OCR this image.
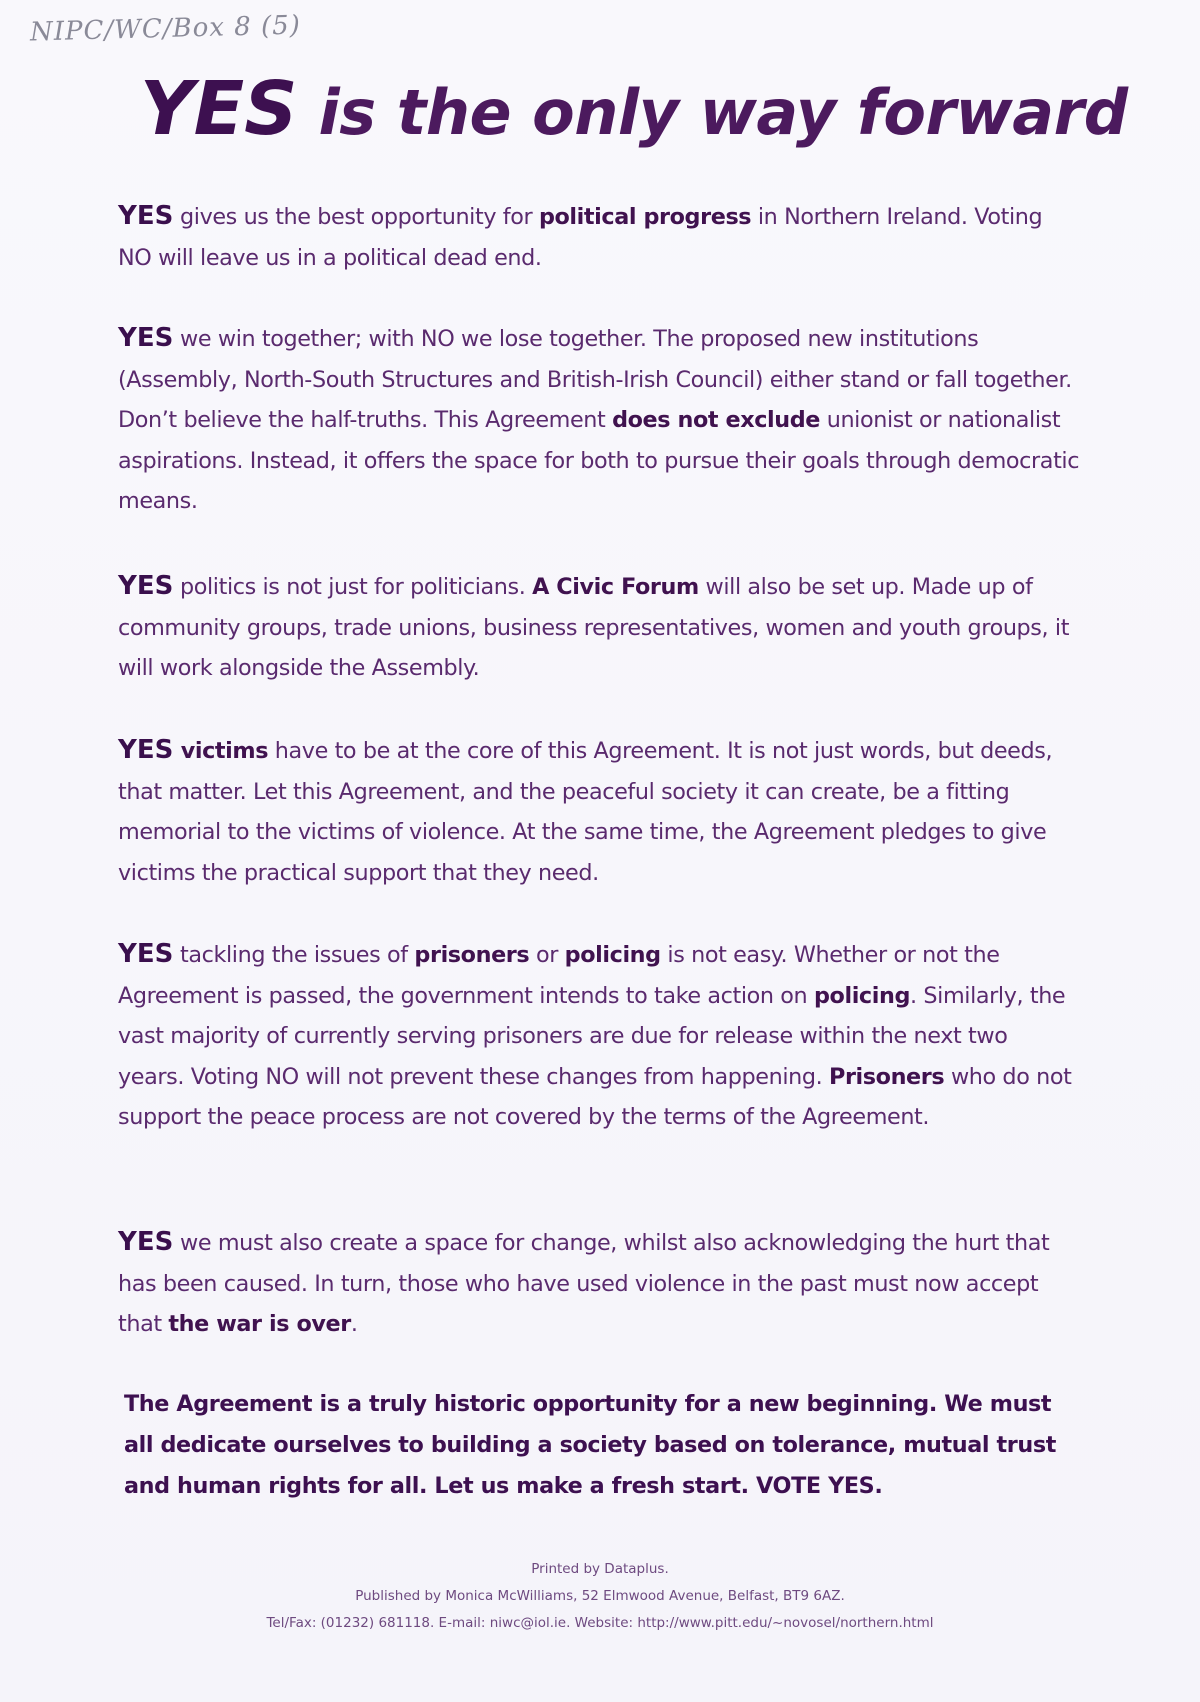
NIPC/WC/Box 8 (5)
YES is the only way forward
YES gives us the best opportunity for political progress in Northern Ireland. Voting NO will leave us in a political dead end.
YES we win together; with NO we lose together. The proposed new institutions (Assembly, North-South Structures and British-Irish Council) either stand or fall together. Don’t believe the half-truths. This Agreement does not exclude unionist or nationalist aspirations. Instead, it offers the space for both to pursue their goals through democratic means.
YES politics is not just for politicians. A Civic Forum will also be set up. Made up of community groups, trade unions, business representatives, women and youth groups, it will work alongside the Assembly.
YES victims have to be at the core of this Agreement. It is not just words, but deeds, that matter. Let this Agreement, and the peaceful society it can create, be a fitting memorial to the victims of violence. At the same time, the Agreement pledges to give victims the practical support that they need.
YES tackling the issues of prisoners or policing is not easy. Whether or not the Agreement is passed, the government intends to take action on policing. Similarly, the vast majority of currently serving prisoners are due for release within the next two years. Voting NO will not prevent these changes from happening. Prisoners who do not support the peace process are not covered by the terms of the Agreement.
YES we must also create a space for change, whilst also acknowledging the hurt that has been caused. In turn, those who have used violence in the past must now accept that the war is over.
The Agreement is a truly historic opportunity for a new beginning. We must all dedicate ourselves to building a society based on tolerance, mutual trust and human rights for all. Let us make a fresh start. VOTE YES.
Printed by Dataplus.
Published by Monica McWilliams, 52 Elmwood Avenue, Belfast, BT9 6AZ.
Tel/Fax: (01232) 681118. E-mail: niwc@iol.ie. Website: http://www.pitt.edu/~novosel/northern.html
